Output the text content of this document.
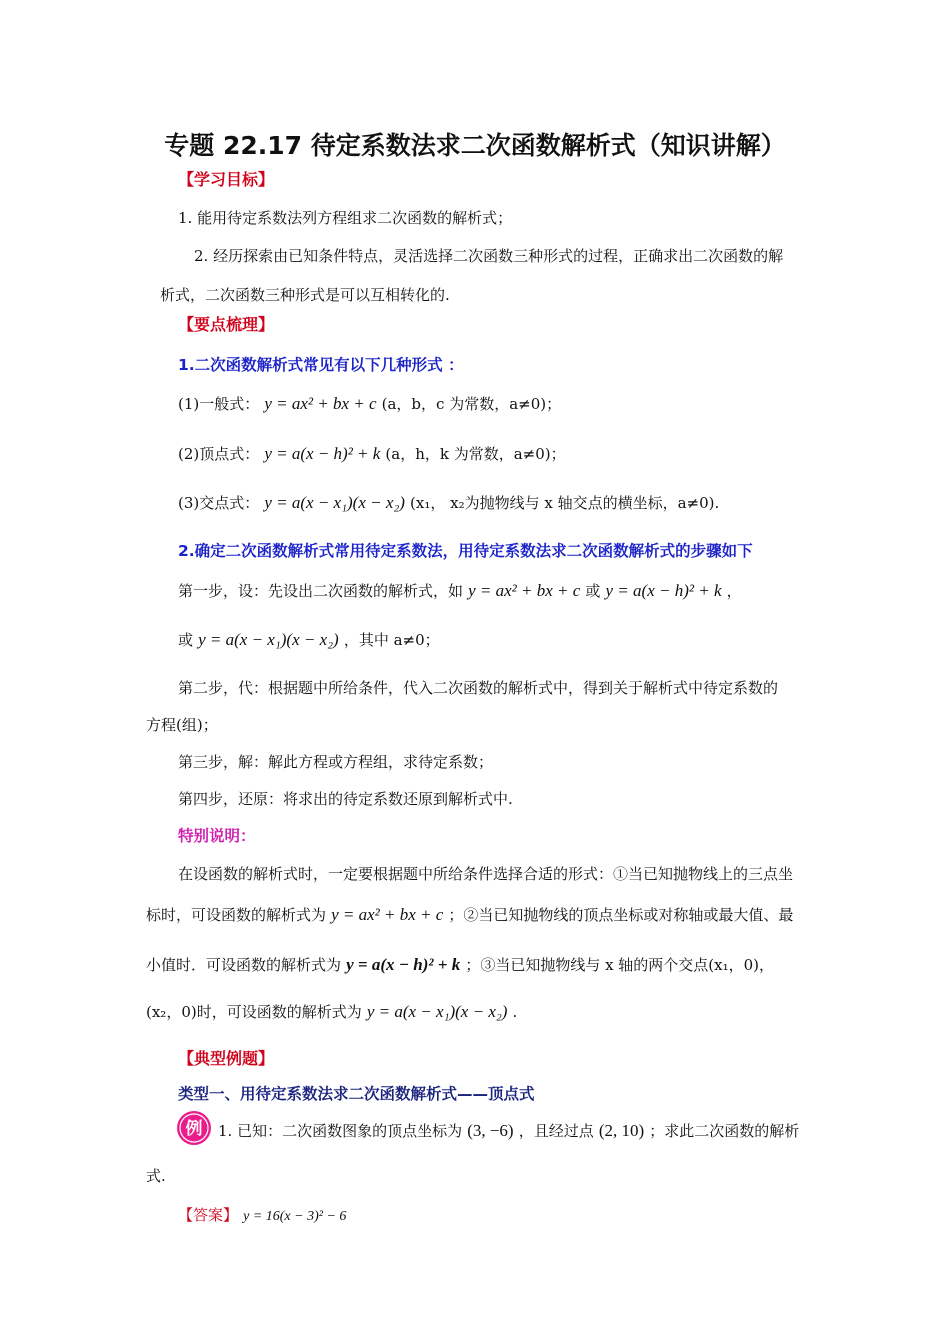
专题 22.17 待定系数法求二次函数解析式（知识讲解）
【学习目标】
1. 能用待定系数法列方程组求二次函数的解析式；
2. 经历探索由已知条件特点，灵活选择二次函数三种形式的过程，正确求出二次函数的解
析式，二次函数三种形式是可以互相转化的.
【要点梳理】
1.二次函数解析式常见有以下几种形式 ：
(1)一般式： y = ax² + bx + c (a，b，c 为常数，a≠0)；
(2)顶点式： y = a(x − h)² + k (a，h，k 为常数，a≠0)；
(3)交点式： y = a(x − x₁)(x − x₂) (x₁， x₂为抛物线与 x 轴交点的横坐标，a≠0).
2.确定二次函数解析式常用待定系数法，用待定系数法求二次函数解析式的步骤如下
第一步，设：先设出二次函数的解析式，如 y = ax² + bx + c 或 y = a(x − h)² + k ，
或 y = a(x − x₁)(x − x₂) ，其中 a≠0；
第二步，代：根据题中所给条件，代入二次函数的解析式中，得到关于解析式中待定系数的
方程(组)；
第三步，解：解此方程或方程组，求待定系数；
第四步，还原：将求出的待定系数还原到解析式中.
特别说明：
在设函数的解析式时，一定要根据题中所给条件选择合适的形式：①当已知抛物线上的三点坐
标时，可设函数的解析式为 y = ax² + bx + c ；②当已知抛物线的顶点坐标或对称轴或最大值、最
小值时．可设函数的解析式为 y = a(x − h)² + k ；③当已知抛物线与 x 轴的两个交点(x₁，0)，
(x₂，0)时，可设函数的解析式为 y = a(x − x₁)(x − x₂) .
【典型例题】
类型一、用待定系数法求二次函数解析式——顶点式
例 1. 已知：二次函数图象的顶点坐标为 (3, −6) ，且经过点 (2, 10) ；求此二次函数的解析
式.
【答案】 y = 16(x − 3)² − 6
